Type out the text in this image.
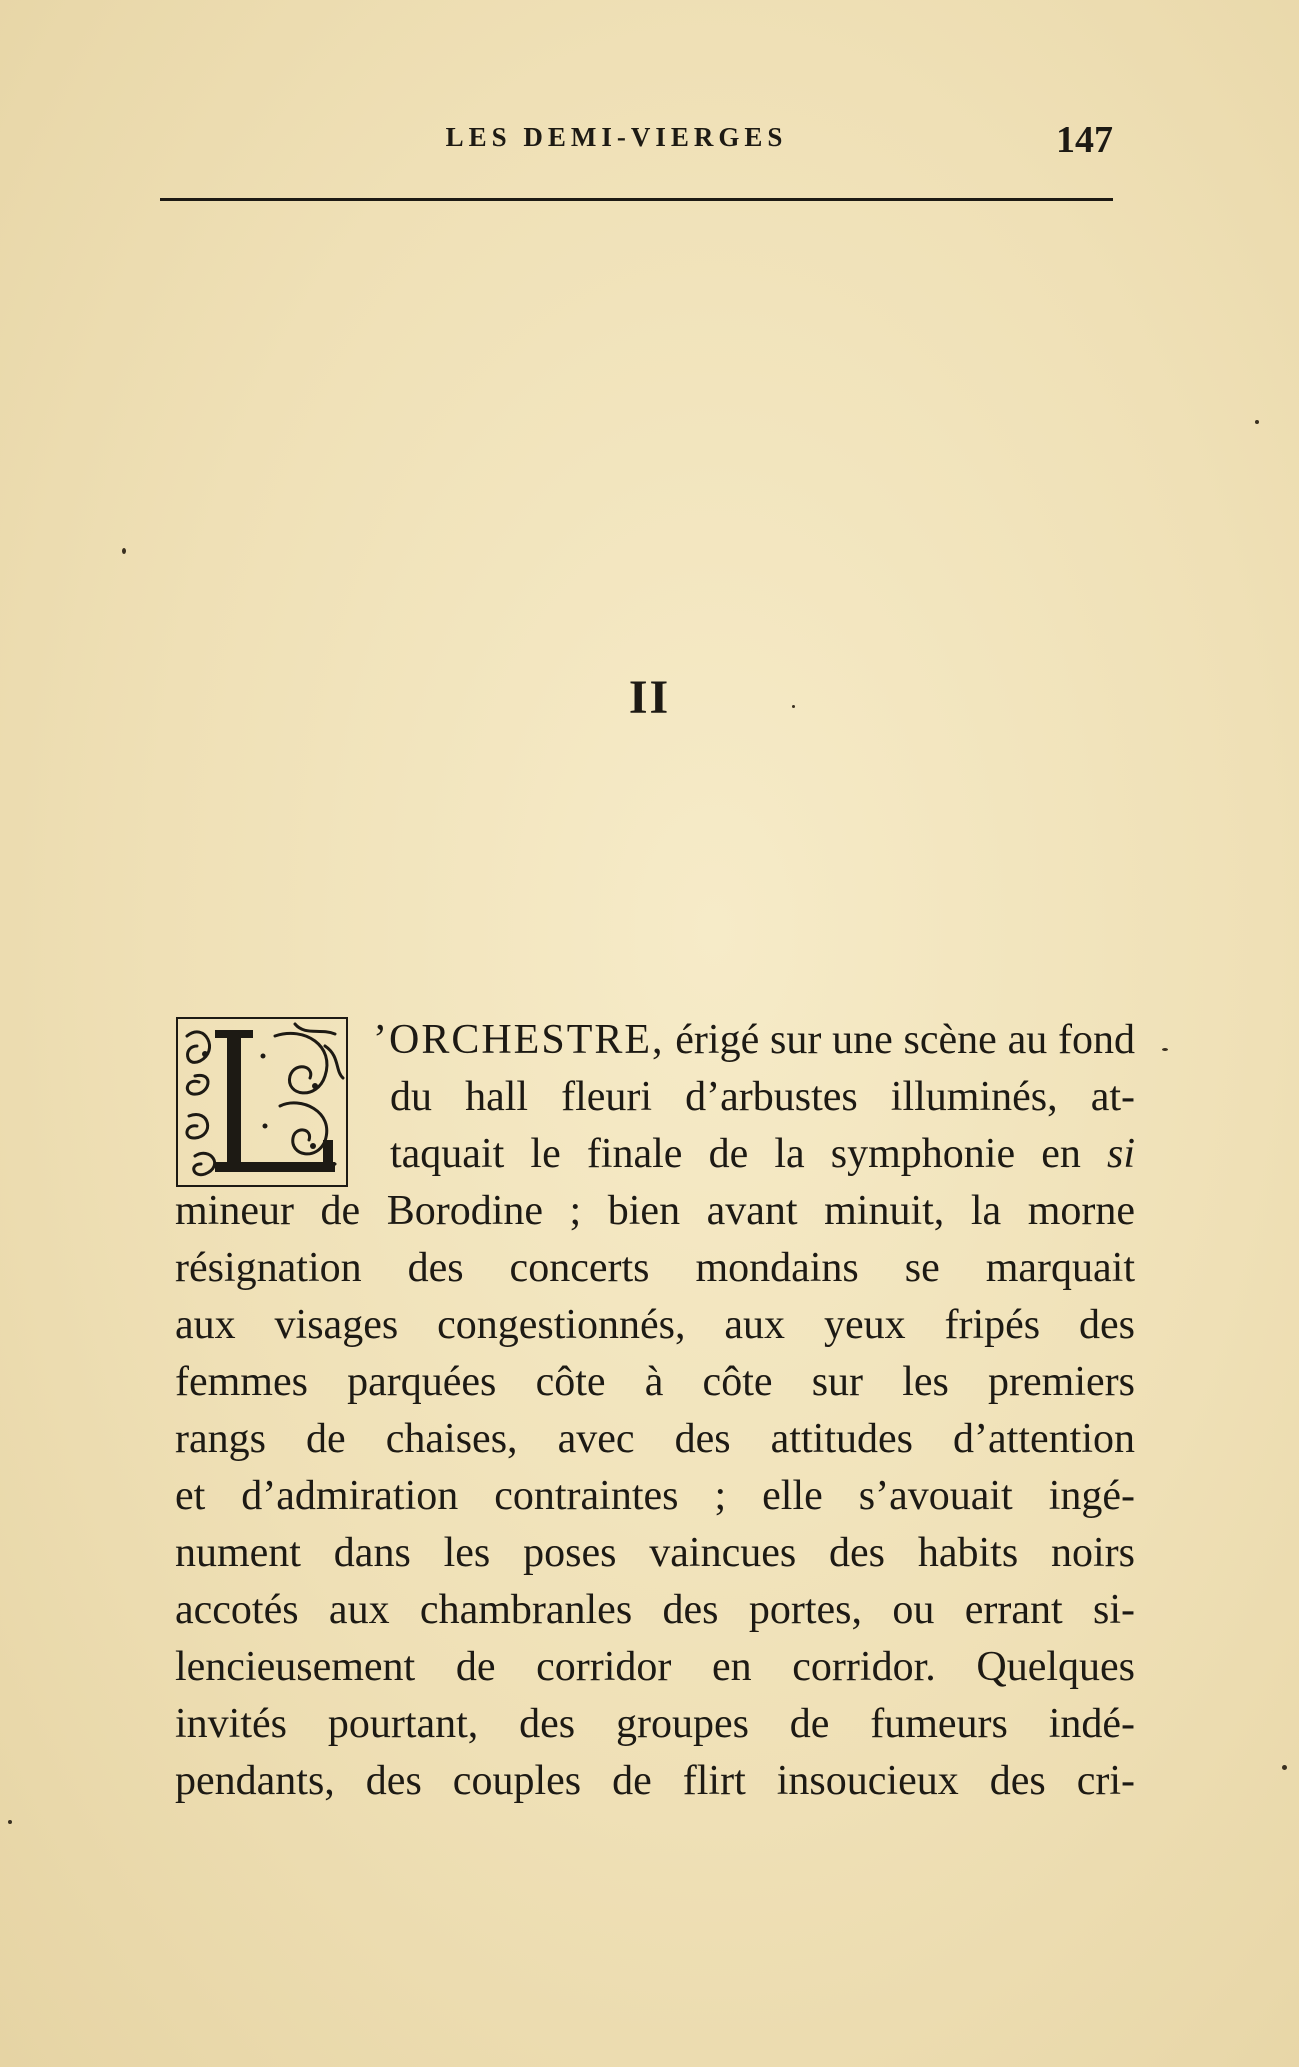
LES DEMI-VIERGES	147
II
L
’ORCHESTRE, érigé sur une scène au fond
du hall fleuri d’arbustes illuminés, at-
taquait le finale de la symphonie en si
mineur de Borodine ; bien avant minuit, la morne
résignation des concerts mondains se marquait
aux visages congestionnés, aux yeux fripés des
femmes parquées côte à côte sur les premiers
rangs de chaises, avec des attitudes d’attention
et d’admiration contraintes ; elle s’avouait ingé-
nument dans les poses vaincues des habits noirs
accotés aux chambranles des portes, ou errant si-
lencieusement de corridor en corridor. Quelques
invités pourtant, des groupes de fumeurs indé-
pendants, des couples de flirt insoucieux des cri-
